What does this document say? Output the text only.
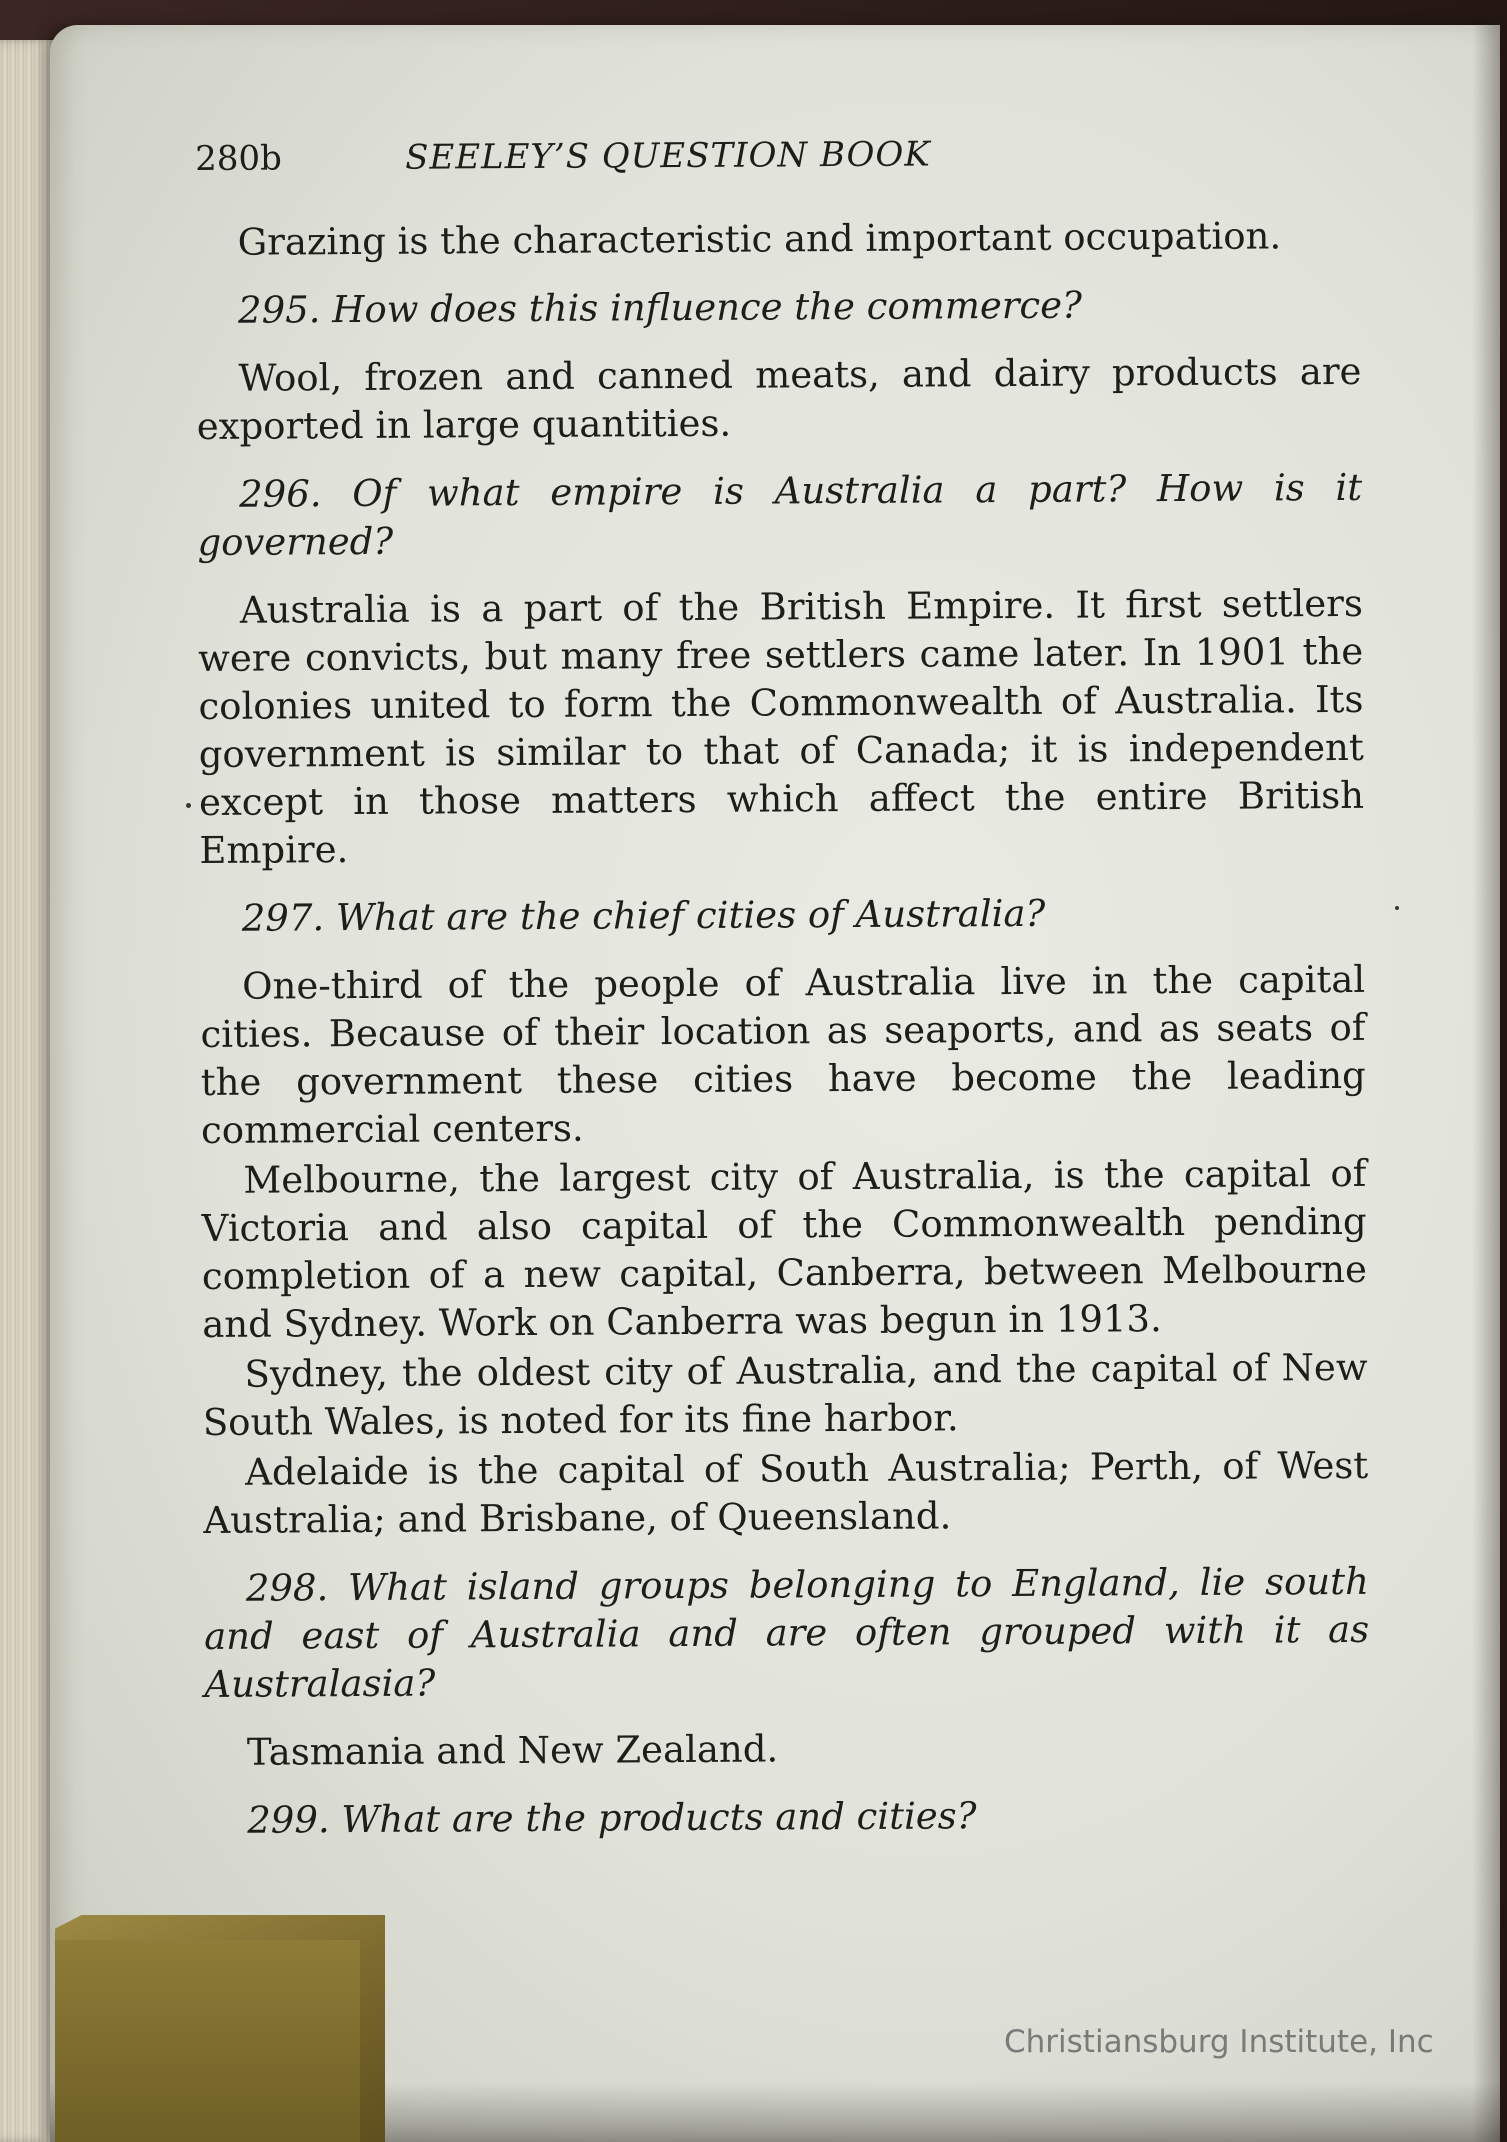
280b	SEELEY’S QUESTION BOOK

Grazing is the characteristic and important occupation.

295. How does this influence the commerce?

Wool, frozen and canned meats, and dairy products are exported in large quantities.

296. Of what empire is Australia a part? How is it governed?

Australia is a part of the British Empire. It first settlers were convicts, but many free settlers came later. In 1901 the colonies united to form the Commonwealth of Australia. Its government is similar to that of Canada; it is independent except in those matters which affect the entire British Empire.

297. What are the chief cities of Australia?

One-third of the people of Australia live in the capital cities. Because of their location as seaports, and as seats of the government these cities have become the leading commercial centers.

Melbourne, the largest city of Australia, is the capital of Victoria and also capital of the Commonwealth pending completion of a new capital, Canberra, between Melbourne and Sydney. Work on Canberra was begun in 1913.

Sydney, the oldest city of Australia, and the capital of New South Wales, is noted for its fine harbor.

Adelaide is the capital of South Australia; Perth, of West Australia; and Brisbane, of Queensland.

298. What island groups belonging to England, lie south and east of Australia and are often grouped with it as Australasia?

Tasmania and New Zealand.

299. What are the products and cities?

Christiansburg Institute, Inc
